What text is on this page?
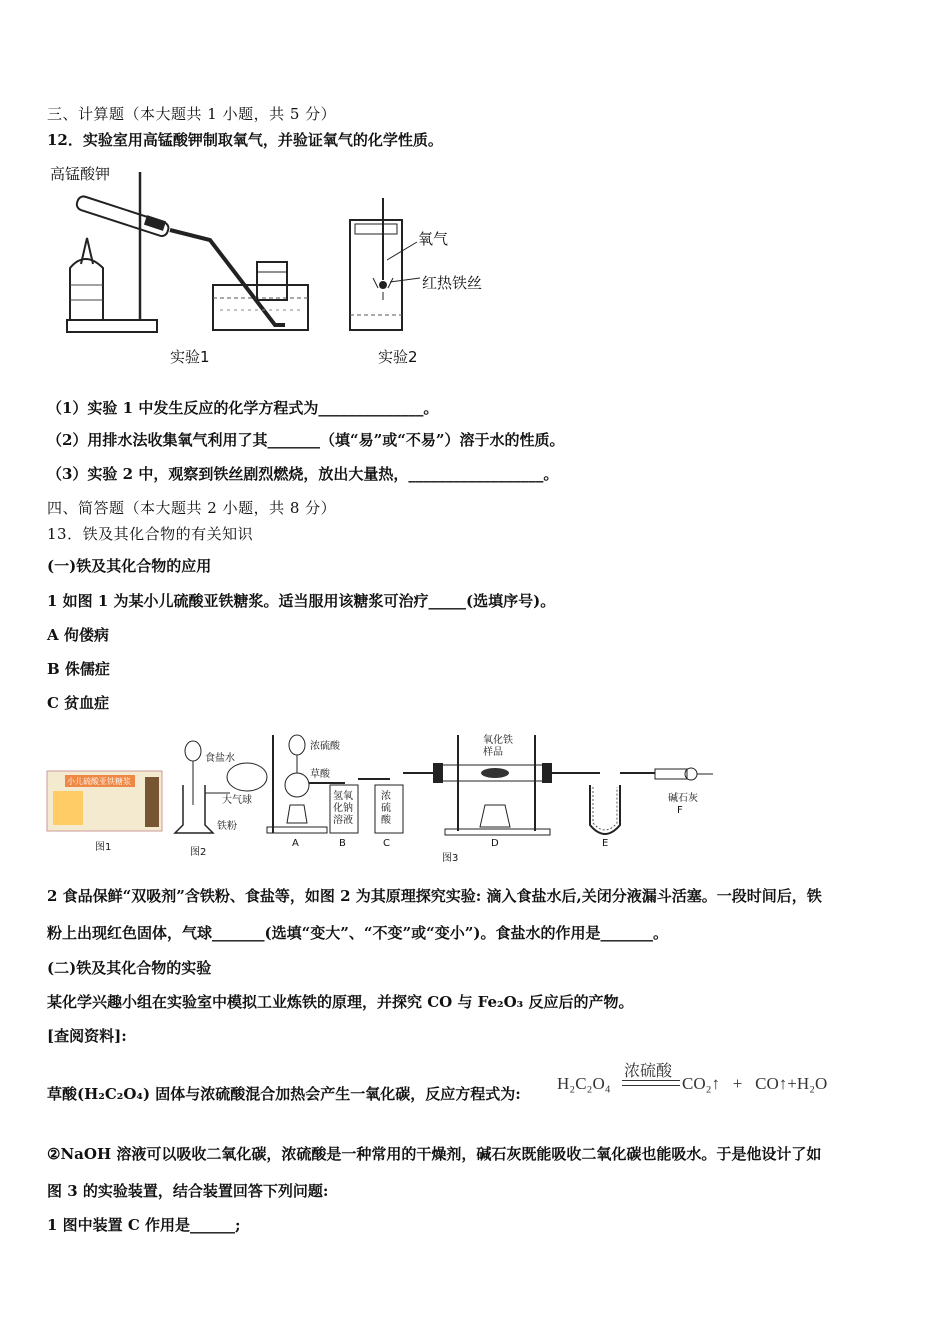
三、计算题（本大题共 1 小题，共 5 分）
12．实验室用高锰酸钾制取氧气，并验证氧气的化学性质。
高锰酸钾
氧气
红热铁丝
实验1	实验2
（1）实验 1 中发生反应的化学方程式为______________。
（2）用排水法收集氧气利用了其_______（填“易”或“不易”）溶于水的性质。
（3）实验 2 中，观察到铁丝剧烈燃烧，放出大量热，__________________。
四、简答题（本大题共 2 小题，共 8 分）
13．铁及其化合物的有关知识
(一)铁及其化合物的应用
1 如图 1 为某小儿硫酸亚铁糖浆。适当服用该糖浆可治疗_____(选填序号)。
A 佝偻病
B 侏儒症
C 贫血症
小儿硫酸亚铁糖浆
图1	图2
食盐水
大气球
铁粉
浓硫酸
草酸
氢氧化钠溶液
浓硫酸
氧化铁样品
碱石灰
A	B	C	D	E
F
图3
2 食品保鲜“双吸剂”含铁粉、食盐等，如图 2 为其原理探究实验: 滴入食盐水后,关闭分液漏斗活塞。一段时间后，铁
粉上出现红色固体，气球_______(选填“变大”、“不变”或“变小”)。食盐水的作用是_______。
(二)铁及其化合物的实验
某化学兴趣小组在实验室中模拟工业炼铁的原理，并探究 CO 与 Fe₂O₃ 反应后的产物。
[查阅资料]:
草酸(H₂C₂O₄) 固体与浓硫酸混合加热会产生一氧化碳，反应方程式为:
H₂C₂O₄
浓硫酸
CO₂↑   +   CO↑+H₂O
②NaOH 溶液可以吸收二氧化碳，浓硫酸是一种常用的干燥剂，碱石灰既能吸收二氧化碳也能吸水。于是他设计了如
图 3 的实验装置，结合装置回答下列问题:
1 图中装置 C 作用是______;
